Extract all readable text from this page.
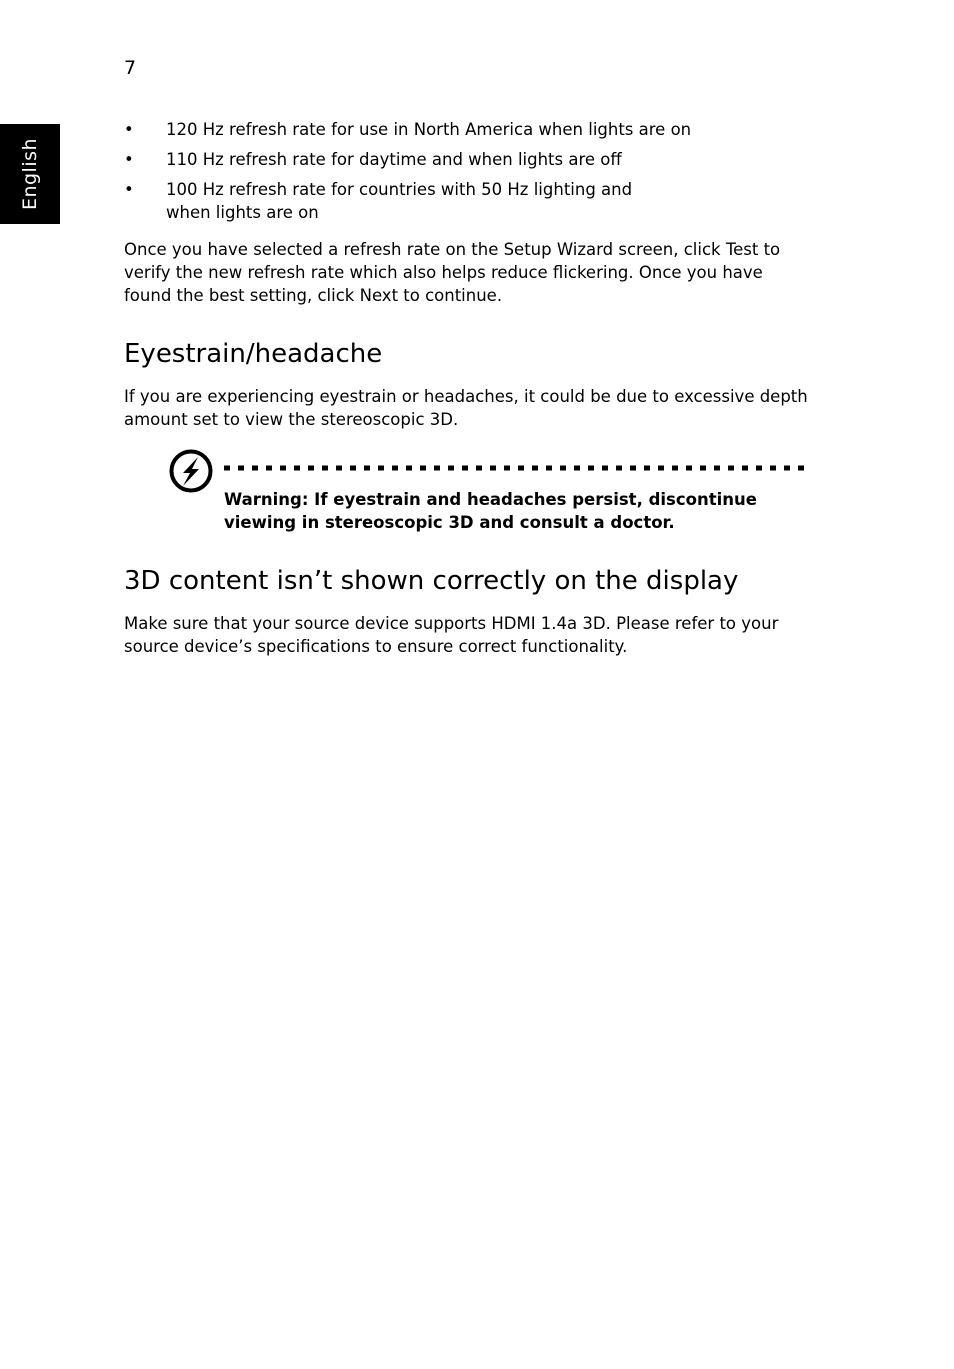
7
English
• 120 Hz refresh rate for use in North America when lights are on
• 110 Hz refresh rate for daytime and when lights are off
• 100 Hz refresh rate for countries with 50 Hz lighting and when lights are on

Once you have selected a refresh rate on the Setup Wizard screen, click Test to verify the new refresh rate which also helps reduce flickering. Once you have found the best setting, click Next to continue.

Eyestrain/headache

If you are experiencing eyestrain or headaches, it could be due to excessive depth amount set to view the stereoscopic 3D.

Warning: If eyestrain and headaches persist, discontinue viewing in stereoscopic 3D and consult a doctor.
3D content isn’t shown correctly on the display

Make sure that your source device supports HDMI 1.4a 3D. Please refer to your source device’s specifications to ensure correct functionality.
